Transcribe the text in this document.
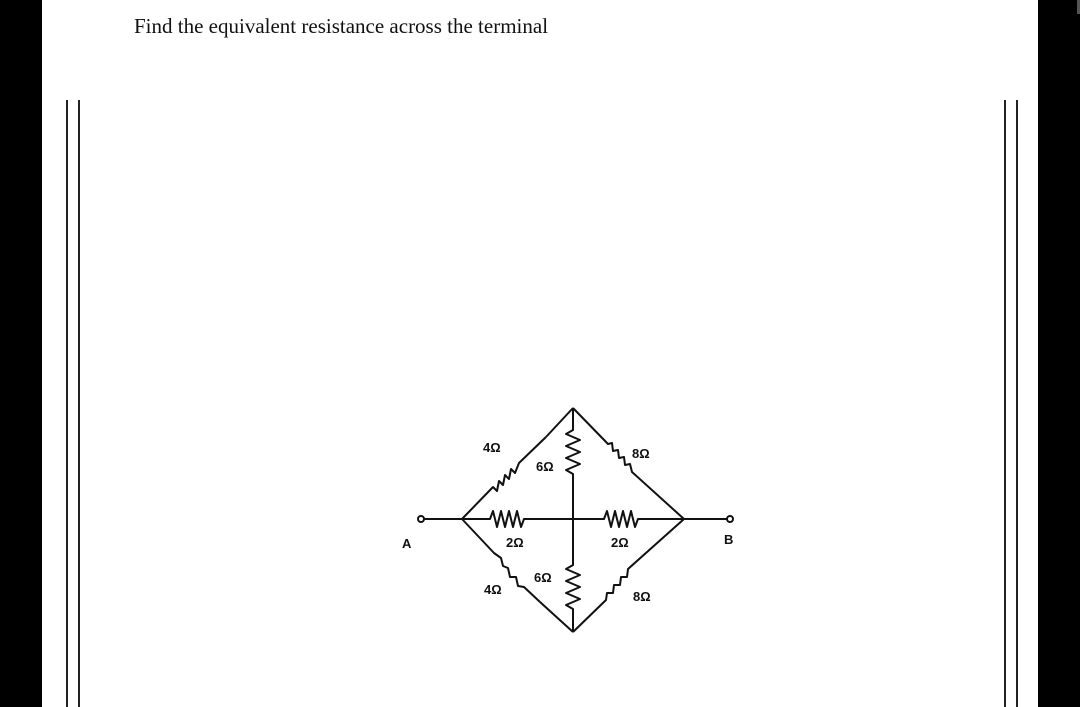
Find the equivalent resistance across the terminal
A	B
4Ω
6Ω
8Ω
2Ω	2Ω
6Ω
4Ω	8Ω
